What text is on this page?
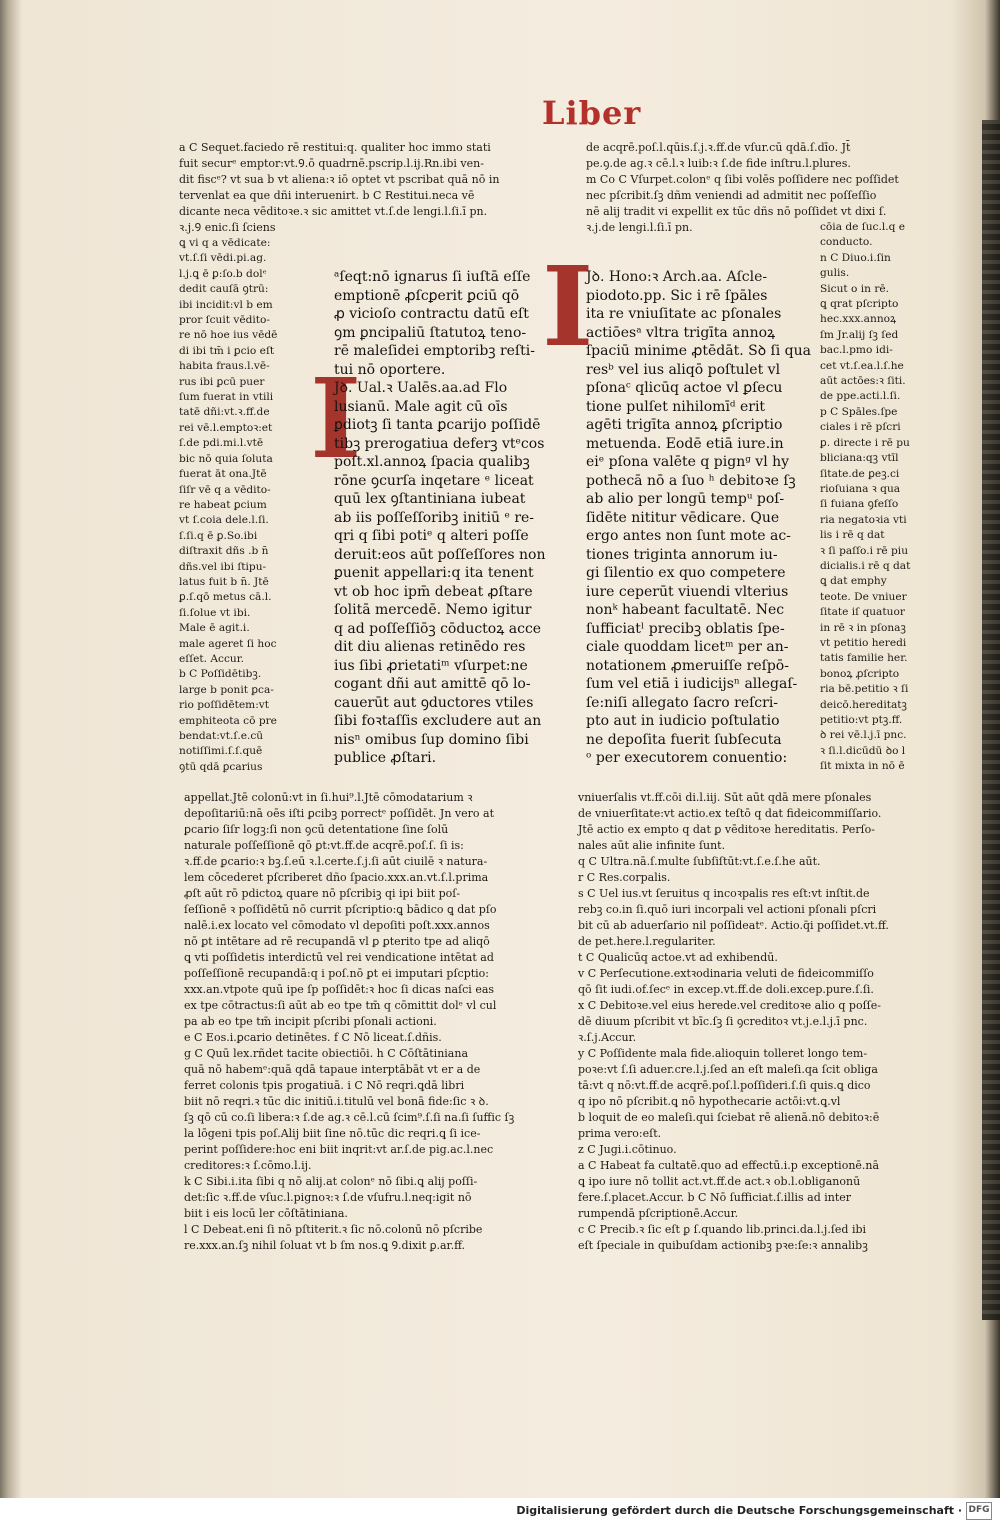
Liber
a C Sequet.faciedo rē restitui:q. qualiter hoc immo stati
fuit securᵉ emptor:vt.Ꝯ.ō quadrnē.pscrip.l.ij.Rn.ibi ven-
dit fiscᵉ? vt sua b vt aliena:ꝛ iō optet vt pscribat quā nō in
tervenlat ea que dñi interuenirt. b C Restitui.neca vē
dicante neca vēditoꝛe.ꝛ sic amittet vt.ſ.de lengi.l.ſi.ī pn.
ꝛ.j.Ꝯ enic.ſi ſciens
ꝗ vi q a vēdicate:
vt.ſ.ſi vēdi.pi.ag.
l.j.ꝗ ē ꝑ:ſo.b dolᵉ
dedit cauſā ꝯtrū:
ibi incidit:vl b em
pror ſcuit vēdito-
re nō hoe ius vēdē
di ibi tm̄ i ꝑcio eſt
habita fraus.l.vē-
rus ibi ꝑcū puer
ſum fuerat in vtili
tatē dñi:vt.ꝛ.ff.de
rei vē.l.emptoꝛ:et
ſ.de pdi.mi.l.vtē
bic nō quia ſoluta
fuerat āt ona.Jtē
ſiſr vē q a vēdito-
re habeat ꝑcium
vt ſ.coia dele.l.ſi.
ſ.ſi.q ē ꝑ.So.ibi
diſtraxit dñs .b n̄
dñs.vel ibi ſtipu-
latus fuit b n̄. Jtē
ꝑ.ſ.qō metus cā.l.
ſi.ſolue vt ibi.
Male ē agit.i.
male ageret ſi hoc
eſſet. Accur.
b C Poſſidētibꝫ.
large b ponit ꝑca-
rio poſſidētem:vt
emphiteota cō pre
bendat:vt.ſ.e.cū
notiſſimi.ſ.ſ.quē
ꝯtū qdā ꝑcarius
I
ᵃſeqt:nō ignarus ſi iuſtā eſſe
emptionē ꝓſcꝑerit ꝑciū qō
ꝓ vicioſo contractu datū eſt
ꝯm ꝑncipaliū ſtatutoꝝ teno-
rē maleſidei emptoribꝫ reſti-
tui nō oportere.
Jꝺ. Ual.ꝛ Ualēs.aa.ad Flo
lusianū. Male agit cū oīs
ꝑdiotꝫ ſi tanta ꝑcarijo poſſidē
tibꝫ prerogatiua deferꝫ vtᵉcos
poſt.xl.annoꝝ ſpacia qualibꝫ
rōne ꝯcurſa inqetare ᵉ liceat
quū lex ꝯſtantiniana iubeat
ab iis poſſeſſoribꝫ initiū ᵉ re-
qri q ſibi potiᵉ q alteri poſſe
deruit:eos aūt poſſeſſores non
ꝑuenit appellari:q ita tenent
vt ob hoc ipm̄ debeat ꝓſtare
ſolitā mercedē. Nemo igitur
q ad poſſeſſiōꝫ cōductoꝝ acce
dit diu alienas retinēdo res
ius ſibi ꝓrietatiᵐ vſurpet:ne
cogant dñi aut amittē qō lo-
cauerūt aut ꝯductores vtiles
ſibi foꝛtaſſis excludere aut an
nisⁿ omibus ſup domino ſibi
publice ꝓſtari.
de acqrē.poſ.l.qūis.ſ.j.ꝛ.ff.de vſur.cū qdā.ſ.dīo. Jt̄
pe.ꝯ.de ag.ꝛ cē.l.ꝛ luib:ꝛ ſ.de fide inſtru.l.plures.
m Co C Vſurpet.colonᵉ q ſibi volēs poſſidere nec poſſidet
nec pſcribit.ſꝫ dñm veniendi ad admitit nec poſſeſſio
nē alij tradit vi expellit ex tūc dñs nō poſſidet vt dixi ſ.
ꝛ.j.de lengi.l.ſi.ī pn.
I
Jꝺ. Hono:ꝛ Arch.aa. Aſcle-
piodoto.pp. Sic i rē ſpāles
ita re vniuſitate ac pſonales
actiōesᵃ vltra trigīta annoꝝ
ſpaciū minime ꝓtēdāt. Sꝺ ſi qua
resᵇ vel ius aliqō poſtulet vl
pſonaᶜ qlicūq actoe vl ꝑſecu
tione pulſet nihilomīᵈ erit
agēti trigīta annoꝝ ꝑſcriptio
metuenda. Eodē etiā iure.in
eiᵉ pſona valēte q pignᵍ vl hy
pothecā nō a ſuo ʰ debitoꝛe ſꝫ
ab alio per longū tempᵘ poſ-
ſidēte nititur vēdicare. Que
ergo antes non ſunt mote ac-
tiones triginta annorum iu-
gi ſilentio ex quo competere
iure ceperūt viuendi vlterius
nonᵏ habeant facultatē. Nec
ſufficiatˡ precibꝫ oblatis ſpe-
ciale quoddam licetᵐ per an-
notationem ꝓmeruiſſe reſpō-
ſum vel etiā i iudicijsⁿ allegaſ-
ſe:niſi allegato ſacro reſcri-
pto aut in iudicio poſtulatio
ne depoſita fuerit ſubſecuta
ᵒ per executorem conuentio:
cōia de ſuc.l.q e
conducto.
n C Diuo.i.ſin
gulis.
Sicut o in rē.
ꝗ qrat pſcripto
hec.xxx.annoꝝ
ſm Jr.alij ſꝫ ſed
bac.l.pmo idi-
cet vt.ſ.ea.l.ſ.he
aūt actōes:ꝛ ſiti.
de ppe.acti.l.ſi.
p C Spāles.ſpe
ciales i rē pſcri
ꝑ. directe i rē pu
bliciana:qꝫ vtīl
ſitate.de ꝑeꝫ.ci
rioſuiana ꝛ qua
ſi fuiana ꝯfeſſo
ria negatoꝛia vti
lis i rē q dat
ꝛ ſi paſſo.i rē piu
dicialis.i rē q dat
ꝗ dat emphy
teote. De vniuer
ſitate iſ quatuor
in rē ꝛ in pſonaꝫ
vt petitio heredi
tatis familie her.
bonoꝝ ꝓſcripto
ria bē.petitio ꝛ ſi
deicō.hereditatꝫ
petitio:vt ptꝫ.ff.
ꝺ rei vē.l.j.ī pnc.
ꝛ ſi.l.dicūdū ꝺo l
ſit mixta in nō ē
appellat.Jtē colonū:vt in ſi.hui⁹.l.Jtē cōmodatarium ꝛ
depoſitariū:nā oēs iſti ꝑcibꝫ porrectᵉ poſſidēt. Jn vero at
ꝑcario ſiſr logꝫ:ſi non ꝯcū detentatione ſine ſolū
naturale poſſeſſionē qō ꝑt:vt.ff.de acqrē.poſ.ſ. ſi is:
ꝛ.ff.de ꝑcario:ꝛ bꝫ.ſ.eū ꝛ.l.certe.ſ.j.ſi aūt ciuilē ꝛ natura-
lem cōcederet pſcriberet dño ſpacio.xxx.an.vt.ſ.l.prima
ꝓſt aūt rō pdictoꝝ quare nō pſcribiꝫ qi ipi biit poſ-
ſeſſionē ꝛ poſſidētū nō currit pſcriptio:ꝗ bādico ꝗ dat pſo
nalē.i.ex locato vel cōmodato vl depoſiti poſt.xxx.annos
nō ꝑt intētare ad rē recupandā vl ꝑ ꝑterito tpe ad aliqō
ꝗ vti poſſidetis interdictū vel rei vendicatione intētat ad
poſſeſſionē recupandā:q i poſ.nō ꝑt ei imputari pſcptio:
xxx.an.vtpote quū ipe ſp poſſidēt:ꝛ hoc ſi dicas naſci eas
ex tpe cōtractus:ſi aūt ab eo tpe tm̄ q cōmittit dolᵉ vl cul
pa ab eo tpe tm̄ incipit pſcribi pſonali actioni.
e C Eos.i.ꝑcario detinētes. f C Nō liceat.ſ.dñis.
g C Quū lex.rñdet tacite obiectiōi. h C Cōſtātiniana
quā nō habemᵉ:quā qdā tapaue interptābāt vt er a de
ferret colonis tpis progatiuā. i C Nō reqri.ꝗdā libri
biit nō reqri.ꝛ tūc dic initiū.i.titulū vel bonā fide:ſic ꝛ ꝺ.
ſꝫ qō cū co.ſi libera:ꝛ ſ.de ag.ꝛ cē.l.cū ſcim⁹.ſ.ſi na.ſi ſuffic ſꝫ
la lōgeni tpis poſ.Alij biit ſine nō.tūc dic reqri.ꝗ ſi ice-
perint poſſidere:hoc eni biit inqrit:vt ar.ſ.de pig.ac.l.nec
creditores:ꝛ ſ.cōmo.l.ij.
k C Sibi.i.ita ſibi q nō alij.at colonᵉ nō ſibi.ꝗ alij poſſi-
det:ſic ꝛ.ff.de vſuc.l.pignoꝛ:ꝛ ſ.de vſufru.l.neq:igit nō
biit i eis locū ler cōſtātiniana.
l C Debeat.eni ſi nō pſtiterit.ꝛ ſic nō.colonū nō pſcribe
re.xxx.an.ſꝫ nihil ſoluat vt b ſm nos.ꝗ Ꝯ.dixit ꝑ.ar.ff.
vniuerſalis vt.ff.cōi di.l.iij. Sūt aūt qdā mere pſonales
de vniuerſitate:vt actio.ex teſtō q dat fideicommiſſario.
Jtē actio ex empto q dat ꝑ vēditoꝛe hereditatis. Perſo-
nales aūt alie infinite ſunt.
q C Ultra.nā.ſ.multe ſubſiſtūt:vt.ſ.e.ſ.he aūt.
r C Res.corpalis.
s C Uel ius.vt ſeruitus q incoꝛpalis res eſt:vt inſtit.de
rebꝫ co.in ſi.quō iuri incorpali vel actioni pſonali pſcri
bit cū ab aduerſario nil poſſideatᵉ. Actio.q̄i poſſidet.vt.ff.
de pet.here.l.regulariter.
t C Qualicūq actoe.vt ad exhibendū.
v C Perſecutione.extꝛodinaria veluti de fideicommiſſo
qō ſit iudi.of.ſecᵉ in excep.vt.ff.de doli.excep.pure.ſ.ſi.
x C Debitoꝛe.vel eius herede.vel creditoꝛe alio q poſſe-
dē diuum pſcribit vt bīc.ſꝫ ſi ꝯcreditoꝛ vt.j.e.l.j.ī pnc.
ꝛ.ſ.j.Accur.
y C Poſſidente mala fide.alioquin tolleret longo tem-
poꝛe:vt ſ.ſi aduer.cre.l.j.ſed an eſt maleſi.qa ſcit obliga
tā:vt q nō:vt.ff.de acqrē.poſ.l.poſſideri.ſ.ſi quis.ꝗ dico
q ipo nō pſcribit.ꝗ nō hypothecarie actōi:vt.ꝗ.vl
b loquit de eo maleſi.qui ſciebat rē alienā.nō debitoꝛ:ē
prima vero:eſt.
z C Jugi.i.cōtinuo.
a C Habeat fa cultatē.quo ad effectū.i.p exceptionē.nā
ꝗ ipo iure nō tollit act.vt.ff.de act.ꝛ ob.l.obliganonū
fere.ſ.placet.Accur. b C Nō ſufficiat.ſ.illis ad inter
rumpendā pſcriptionē.Accur.
c C Precib.ꝛ ſic eſt ꝑ ſ.quando lib.princi.da.l.j.ſed ibi
eſt ſpeciale in quibuſdam actionibꝫ pꝛe:ſe:ꝛ annalibꝫ
Digitalisierung gefördert durch die Deutsche Forschungsgemeinschaft · DFG
